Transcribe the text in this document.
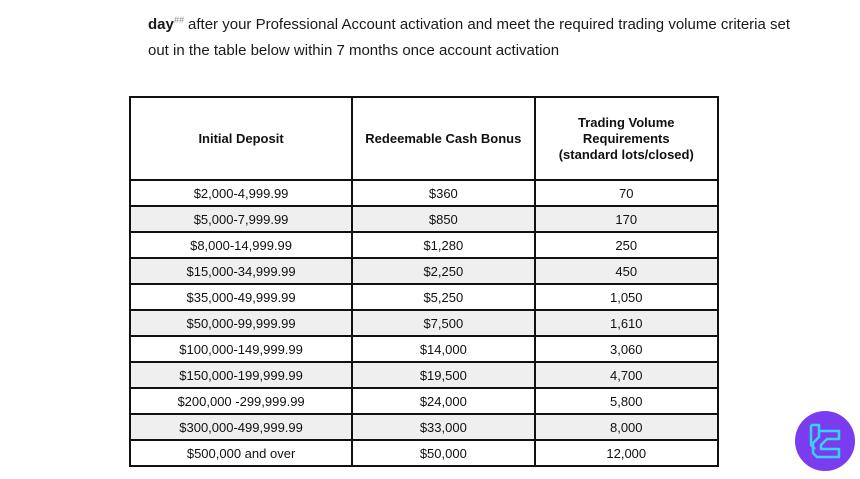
day## after your Professional Account activation and meet the required trading volume criteria set out in the table below within 7 months once account activation
Initial Deposit	Redeemable Cash Bonus	Trading Volume
Requirements
(standard lots/closed)
$2,000-4,999.99	$360	70
$5,000-7,999.99	$850	170
$8,000-14,999.99	$1,280	250
$15,000-34,999.99	$2,250	450
$35,000-49,999.99	$5,250	1,050
$50,000-99,999.99	$7,500	1,610
$100,000-149,999.99	$14,000	3,060
$150,000-199,999.99	$19,500	4,700
$200,000 -299,999.99	$24,000	5,800
$300,000-499,999.99	$33,000	8,000
$500,000 and over	$50,000	12,000
